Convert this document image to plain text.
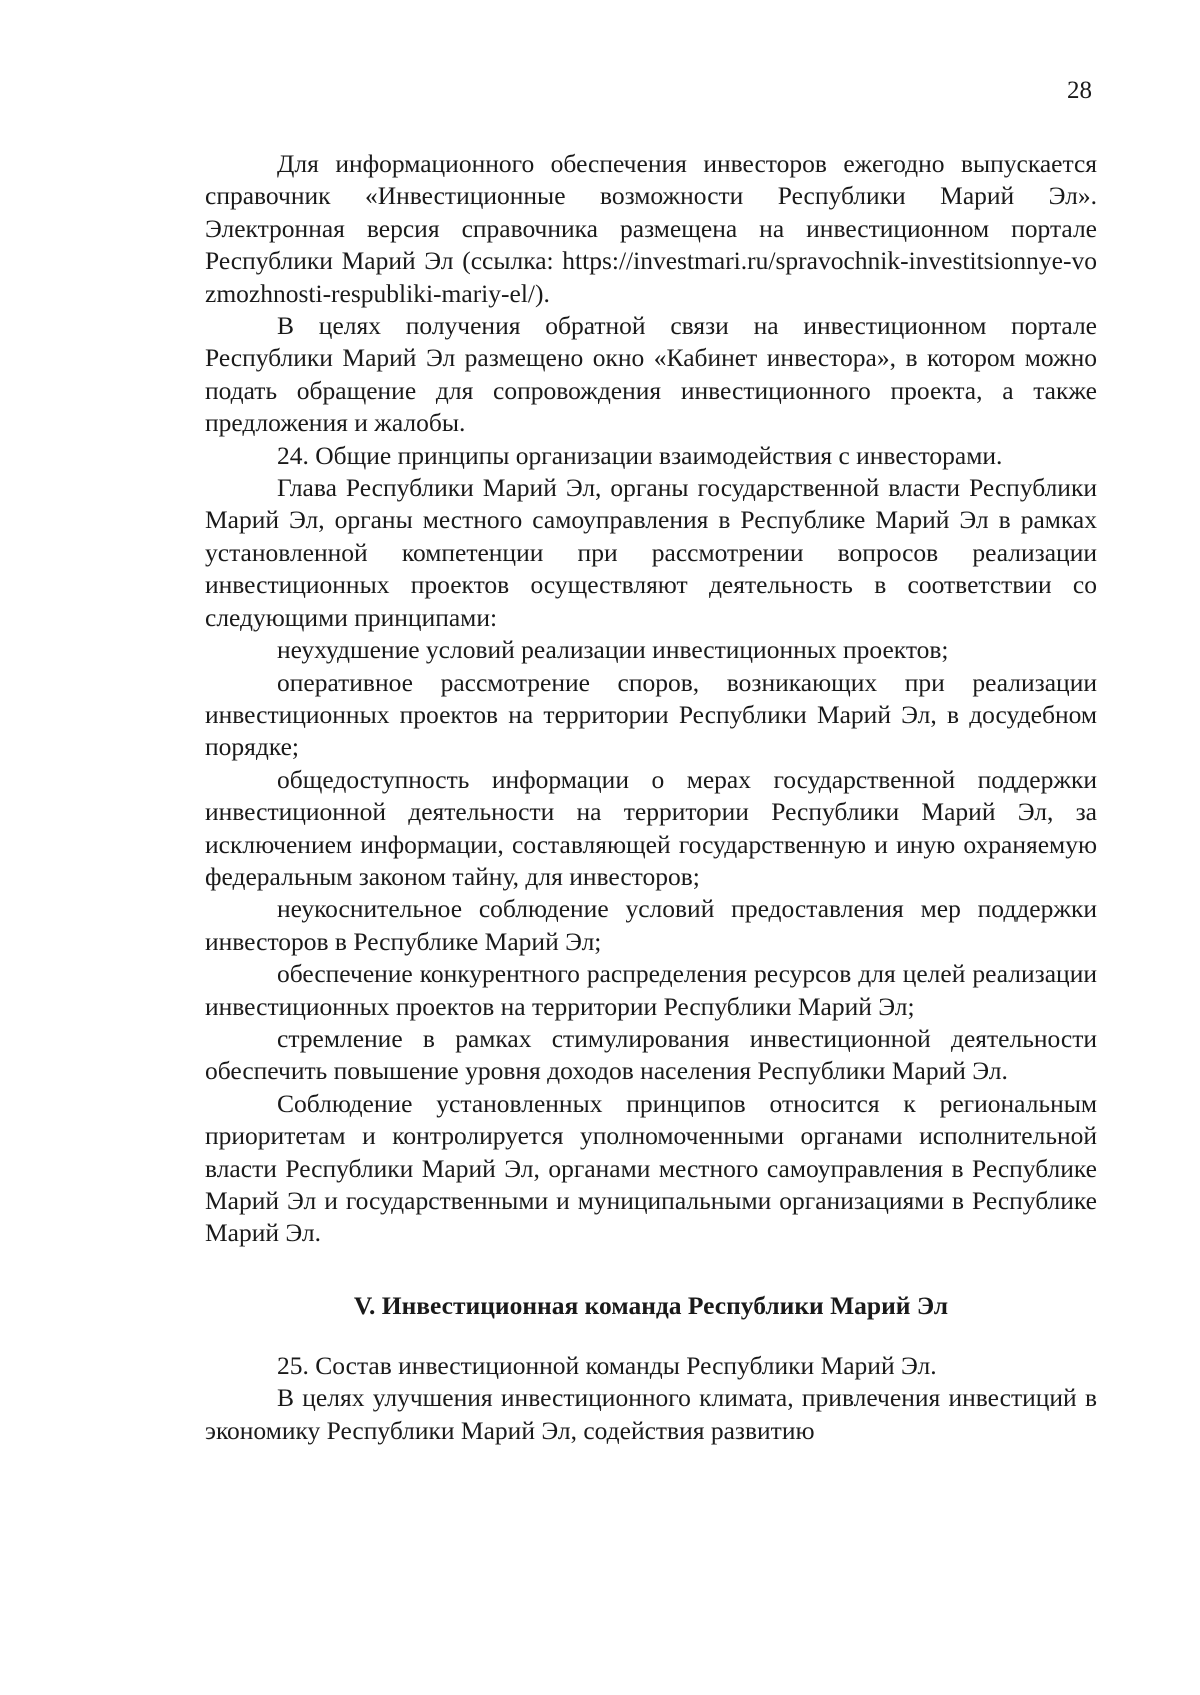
28

Для информационного обеспечения инвесторов ежегодно выпускается справочник «Инвестиционные возможности Республики Марий Эл». Электронная версия справочника размещена на инвестиционном портале Республики Марий Эл (ссылка: https://investmari.ru/spravochnik-investitsionnye-vozmozhnosti-respubliki-mariy-el/).

В целях получения обратной связи на инвестиционном портале Республики Марий Эл размещено окно «Кабинет инвестора», в котором можно подать обращение для сопровождения инвестиционного проекта, а также предложения и жалобы.

24. Общие принципы организации взаимодействия с инвесторами.

Глава Республики Марий Эл, органы государственной власти Республики Марий Эл, органы местного самоуправления в Республике Марий Эл в рамках установленной компетенции при рассмотрении вопросов реализации инвестиционных проектов осуществляют деятельность в соответствии со следующими принципами:

неухудшение условий реализации инвестиционных проектов;

оперативное рассмотрение споров, возникающих при реализации инвестиционных проектов на территории Республики Марий Эл, в досудебном порядке;

общедоступность информации о мерах государственной поддержки инвестиционной деятельности на территории Республики Марий Эл, за исключением информации, составляющей государственную и иную охраняемую федеральным законом тайну, для инвесторов;

неукоснительное соблюдение условий предоставления мер поддержки инвесторов в Республике Марий Эл;

обеспечение конкурентного распределения ресурсов для целей реализации инвестиционных проектов на территории Республики Марий Эл;

стремление в рамках стимулирования инвестиционной деятельности обеспечить повышение уровня доходов населения Республики Марий Эл.

Соблюдение установленных принципов относится к региональным приоритетам и контролируется уполномоченными органами исполнительной власти Республики Марий Эл, органами местного самоуправления в Республике Марий Эл и государственными и муниципальными организациями в Республике Марий Эл.

V. Инвестиционная команда Республики Марий Эл

25. Состав инвестиционной команды Республики Марий Эл.

В целях улучшения инвестиционного климата, привлечения инвестиций в экономику Республики Марий Эл, содействия развитию
